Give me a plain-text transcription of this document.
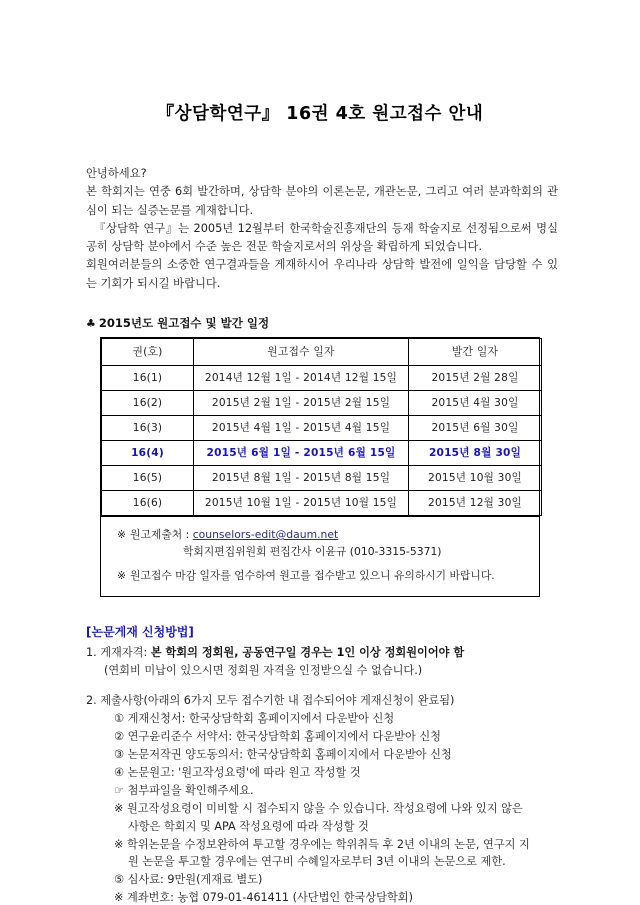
『상담학연구』 16권 4호 원고접수 안내

안녕하세요?

본 학회지는 연중 6회 발간하며, 상담학 분야의 이론논문, 개관논문, 그리고 여러 분과학회의 관심이 되는 실증논문를 게재합니다.

『상담학 연구』는 2005년 12월부터 한국학술진흥재단의 등재 학술지로 선정됨으로써 명실공히 상담학 분야에서 수준 높은 전문 학술지로서의 위상을 확립하게 되었습니다.

회원여러분들의 소중한 연구결과들을 게재하시어 우리나라 상담학 발전에 일익을 담당할 수 있는 기회가 되시길 바랍니다.

♣ 2015년도 원고접수 및 발간 일정
권(호)	원고접수 일자	발간 일자
16(1)	2014년 12월 1일 - 2014년 12월 15일	2015년 2월 28일
16(2)	2015년 2월 1일 - 2015년 2월 15일	2015년 4월 30일
16(3)	2015년 4월 1일 - 2015년 4월 15일	2015년 6월 30일
16(4)	2015년 6월 1일 - 2015년 6월 15일	2015년 8월 30일
16(5)	2015년 8월 1일 - 2015년 8월 15일	2015년 10월 30일
16(6)	2015년 10월 1일 - 2015년 10월 15일	2015년 12월 30일
※ 원고제출처 : counselors-edit@daum.net
학회지편집위원회 편집간사 이윤규 (010-3315-5371)
※ 원고접수 마감 일자를 엄수하여 원고를 접수받고 있으니 유의하시기 바랍니다.
[논문게재 신청방법]
1. 게재자격: 본 학회의 정회원, 공동연구일 경우는 1인 이상 정회원이어야 함
(연회비 미납이 있으시면 정회원 자격을 인정받으실 수 없습니다.)
2. 제출사항(아래의 6가지 모두 접수기한 내 접수되어야 게재신청이 완료됨)
① 게재신청서: 한국상담학회 홈페이지에서 다운받아 신청
② 연구윤리준수 서약서: 한국상담학회 홈페이지에서 다운받아 신청
③ 논문저작권 양도동의서: 한국상담학회 홈페이지에서 다운받아 신청
④ 논문원고: '원고작성요령'에 따라 원고 작성할 것
☞ 첨부파일을 확인해주세요.
※ 원고작성요령이 미비할 시 접수되지 않을 수 있습니다. 작성요령에 나와 있지 않은
사항은 학회지 및 APA 작성요령에 따라 작성할 것
※ 학위논문을 수정보완하여 투고할 경우에는 학위취득 후 2년 이내의 논문, 연구지 지
원 논문을 투고할 경우에는 연구비 수혜일자로부터 3년 이내의 논문으로 제한.
⑤ 심사료: 9만원(게재료 별도)
※ 계좌번호: 농협 079-01-461411 (사단법인 한국상담학회)
